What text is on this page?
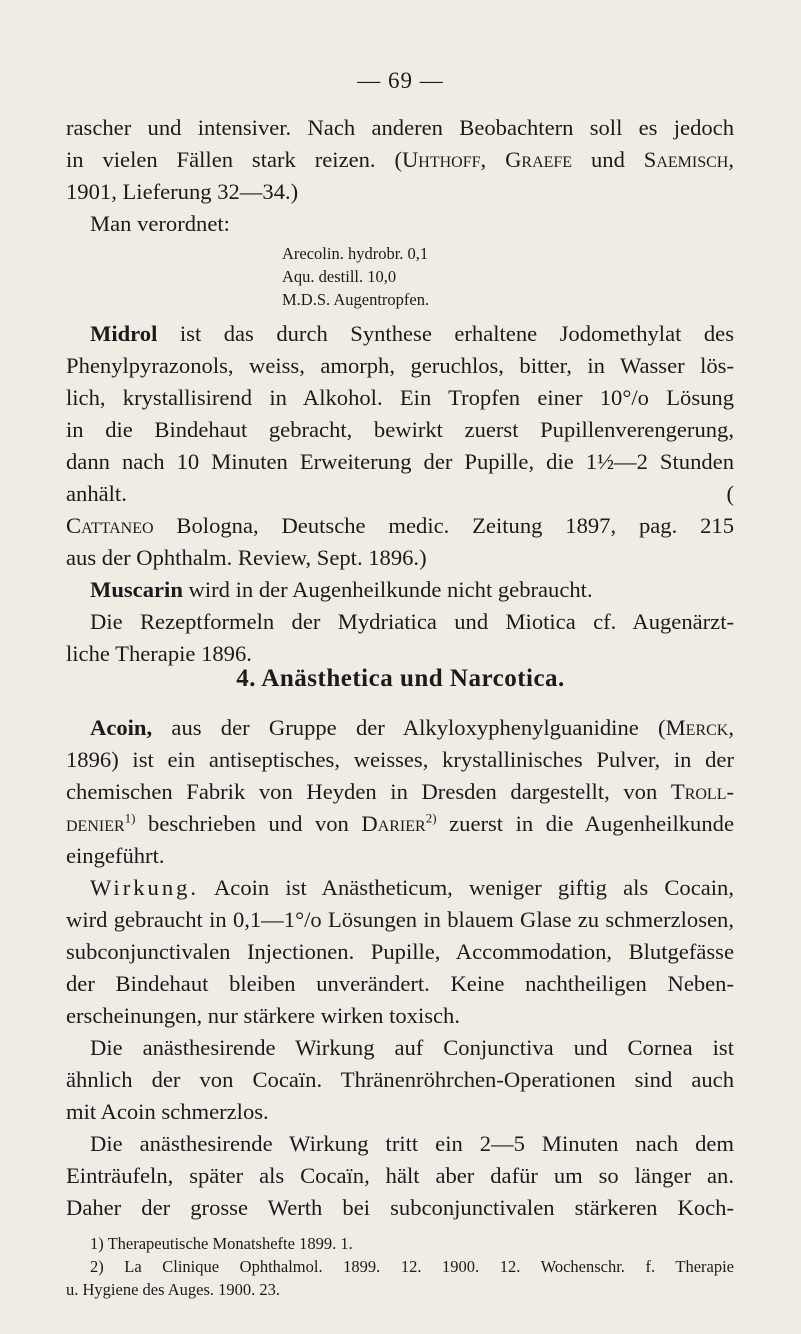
— 69 —
rascher und intensiver. Nach anderen Beobachtern soll es jedoch
in vielen Fällen stark reizen. (Uhthoff, Graefe und Saemisch,
1901, Lieferung 32—34.)
Man verordnet:
Arecolin. hydrobr. 0,1
Aqu. destill. 10,0
M.D.S. Augentropfen.
Midrol ist das durch Synthese erhaltene Jodomethylat des
Phenylpyrazonols, weiss, amorph, geruchlos, bitter, in Wasser lös-
lich, krystallisirend in Alkohol. Ein Tropfen einer 10°/o Lösung
in die Bindehaut gebracht, bewirkt zuerst Pupillenverengerung,
dann nach 10 Minuten Erweiterung der Pupille, die 1½—2 Stunden
anhält. (
Cattaneo Bologna, Deutsche medic. Zeitung 1897, pag. 215
aus der Ophthalm. Review, Sept. 1896.)
Muscarin wird in der Augenheilkunde nicht gebraucht.
Die Rezeptformeln der Mydriatica und Miotica cf. Augenärzt-
liche Therapie 1896.
4. Anästhetica und Narcotica.
Acoin, aus der Gruppe der Alkyloxyphenylguanidine (Merck,
1896) ist ein antiseptisches, weisses, krystallinisches Pulver, in der
chemischen Fabrik von Heyden in Dresden dargestellt, von Troll-
denier$^{1)}$ beschrieben und von Darier$^{2)}$ zuerst in die Augenheilkunde
eingeführt.
Wirkung. Acoin ist Anästheticum, weniger giftig als Cocain,
wird gebraucht in 0,1—1°/o Lösungen in blauem Glase zu schmerzlosen,
subconjunctivalen Injectionen. Pupille, Accommodation, Blutgefässe
der Bindehaut bleiben unverändert. Keine nachtheiligen Neben-
erscheinungen, nur stärkere wirken toxisch.
Die anästhesirende Wirkung auf Conjunctiva und Cornea ist
ähnlich der von Cocaïn. Thränenröhrchen-Operationen sind auch
mit Acoin schmerzlos.
Die anästhesirende Wirkung tritt ein 2—5 Minuten nach dem
Einträufeln, später als Cocaïn, hält aber dafür um so länger an.
Daher der grosse Werth bei subconjunctivalen stärkeren Koch-
1) Therapeutische Monatshefte 1899. 1.
2) La Clinique Ophthalmol. 1899. 12. 1900. 12. Wochenschr. f. Therapie
u. Hygiene des Auges. 1900. 23.
